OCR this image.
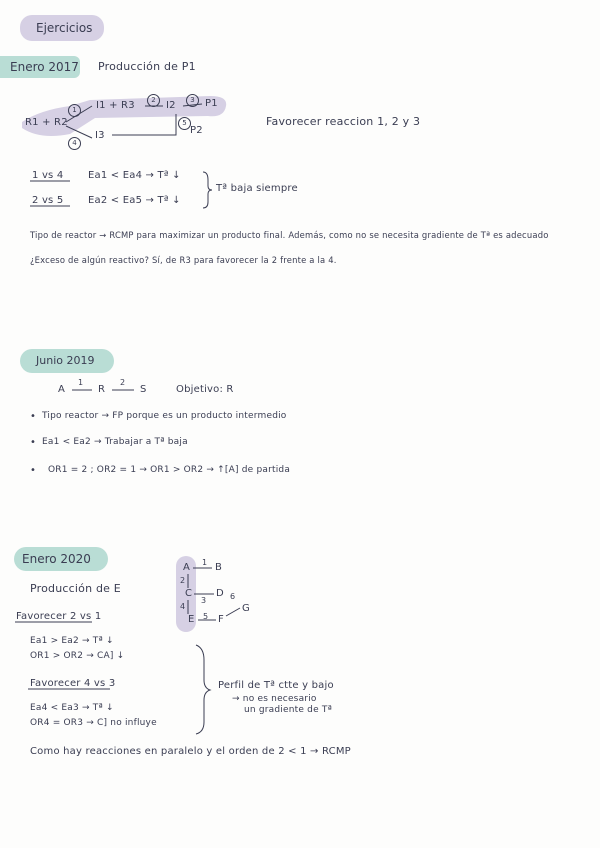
Ejercicios
Enero 2017 Producción de P1
R1 + R2
I1 + R3	I2	P1
I3	P2
1
2	3
4
5	Favorecer reaccion 1, 2 y 3
1 vs 4 Ea1 < Ea4 → Tª ↓
2 vs 5 Ea2 < Ea5 → Tª ↓
Tª baja siempre
Tipo de reactor → RCMP para maximizar un producto final. Además, como no se necesita gradiente de Tª es adecuado
¿Exceso de algún reactivo? Sí, de R3 para favorecer la 2 frente a la 4.
Junio 2019
A
1
R
2
S	Objetivo: R
• Tipo reactor → FP porque es un producto intermedio
• Ea1 < Ea2 → Trabajar a Tª baja
• OR1 = 2 ; OR2 = 1 → OR1 > OR2 → ↑[A] de partida
Enero 2020
Producción de E
A 1 B
2
C
3
D 6
4
E 5 F
G
Favorecer 2 vs 1
Ea1 > Ea2 → Tª ↓
OR1 > OR2 → CA] ↓
Favorecer 4 vs 3
Ea4 < Ea3 → Tª ↓
OR4 = OR3 → C] no influye
Perfil de Tª ctte y bajo
→ no es necesario
un gradiente de Tª
Como hay reacciones en paralelo y el orden de 2 < 1 → RCMP
